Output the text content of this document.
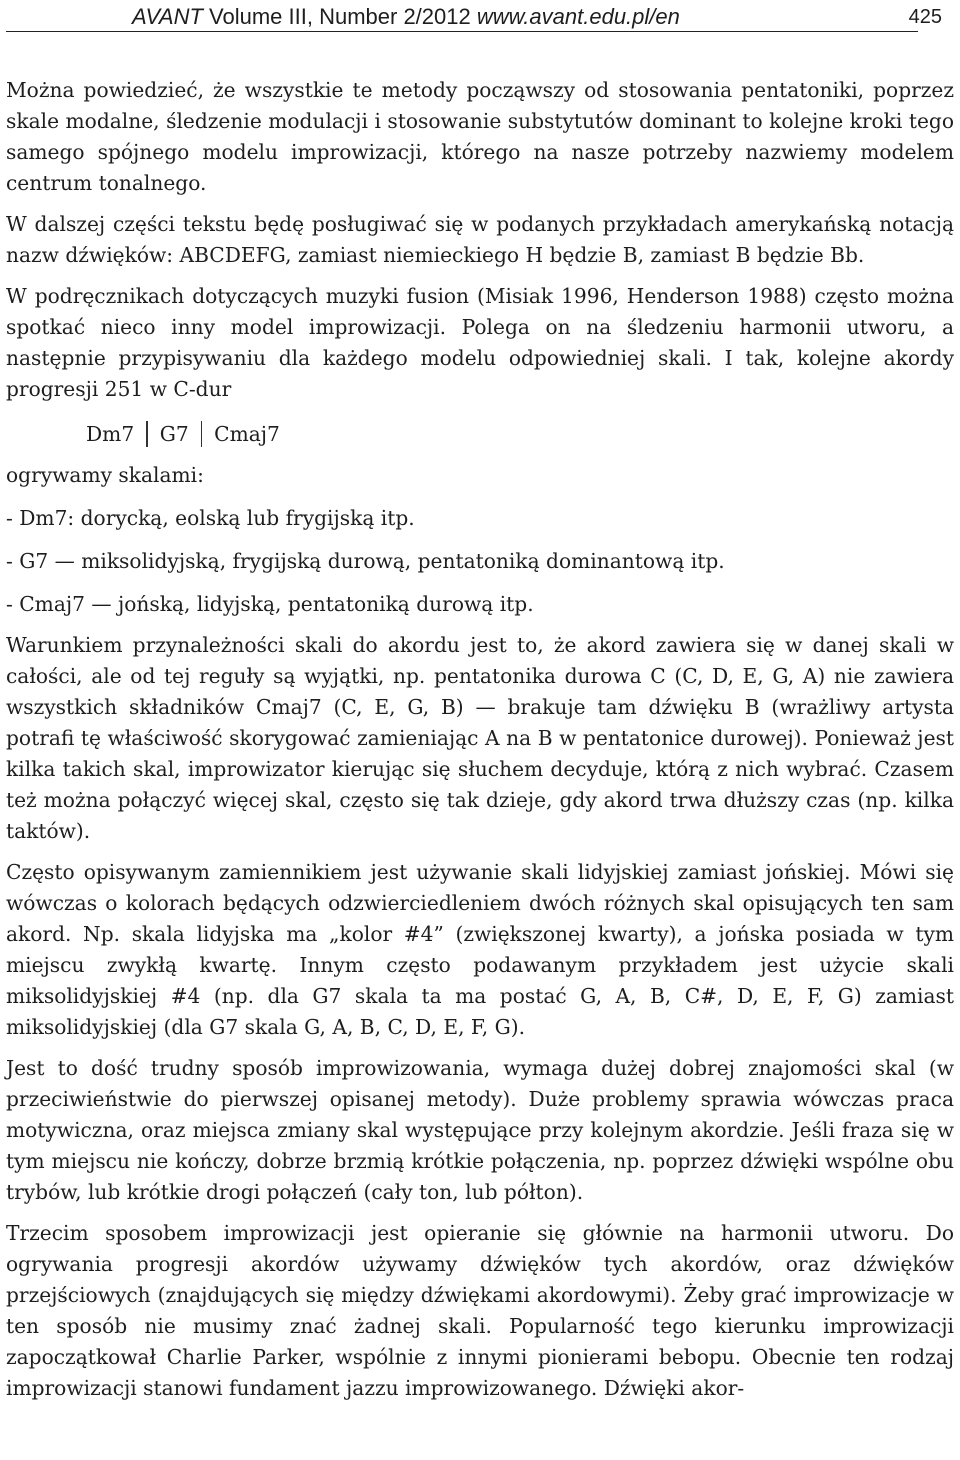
AVANT Volume III, Number 2/2012 www.avant.edu.pl/en	425

Można powiedzieć, że wszystkie te metody począwszy od stosowania pentatoniki, poprzez skale modalne, śledzenie modulacji i stosowanie substytutów dominant to kolejne kroki tego samego spójnego modelu improwizacji, którego na nasze potrzeby nazwiemy modelem centrum tonalnego.

W dalszej części tekstu będę posługiwać się w podanych przykładach amerykańską notacją nazw dźwięków: ABCDEFG, zamiast niemieckiego H będzie B, zamiast B będzie Bb.

W podręcznikach dotyczących muzyki fusion (Misiak 1996, Henderson 1988) często można spotkać nieco inny model improwizacji. Polega on na śledzeniu harmonii utworu, a następnie przypisywaniu dla każdego modelu odpowiedniej skali. I tak, kolejne akordy progresji 251 w C-dur

Dm7 G7 Cmaj7

ogrywamy skalami:

- Dm7: dorycką, eolską lub frygijską itp.

- G7 — miksolidyjską, frygijską durową, pentatoniką dominantową itp.

- Cmaj7 — jońską, lidyjską, pentatoniką durową itp.

Warunkiem przynależności skali do akordu jest to, że akord zawiera się w danej skali w całości, ale od tej reguły są wyjątki, np. pentatonika durowa C (C, D, E, G, A) nie zawiera wszystkich składników Cmaj7 (C, E, G, B) — brakuje tam dźwięku B (wrażliwy artysta potrafi tę właściwość skorygować zamieniając A na B w pentatonice durowej). Ponieważ jest kilka takich skal, improwizator kierując się słuchem decyduje, którą z nich wybrać. Czasem też można połączyć więcej skal, często się tak dzieje, gdy akord trwa dłuższy czas (np. kilka taktów).

Często opisywanym zamiennikiem jest używanie skali lidyjskiej zamiast jońskiej. Mówi się wówczas o kolorach będących odzwierciedleniem dwóch różnych skal opisujących ten sam akord. Np. skala lidyjska ma „kolor #4” (zwiększonej kwarty), a jońska posiada w tym miejscu zwykłą kwartę. Innym często podawanym przykładem jest użycie skali miksolidyjskiej #4 (np. dla G7 skala ta ma postać G, A, B, C#, D, E, F, G) zamiast miksolidyjskiej (dla G7 skala G, A, B, C, D, E, F, G).

Jest to dość trudny sposób improwizowania, wymaga dużej dobrej znajomości skal (w przeciwieństwie do pierwszej opisanej metody). Duże problemy sprawia wówczas praca motywiczna, oraz miejsca zmiany skal występujące przy kolejnym akordzie. Jeśli fraza się w tym miejscu nie kończy, dobrze brzmią krótkie połączenia, np. poprzez dźwięki wspólne obu trybów, lub krótkie drogi połączeń (cały ton, lub półton).

Trzecim sposobem improwizacji jest opieranie się głównie na harmonii utworu. Do ogrywania progresji akordów używamy dźwięków tych akordów, oraz dźwięków przejściowych (znajdujących się między dźwiękami akordowymi). Żeby grać improwizacje w ten sposób nie musimy znać żadnej skali. Popularność tego kierunku improwizacji zapoczątkował Charlie Parker, wspólnie z innymi pionierami bebopu. Obecnie ten rodzaj improwizacji stanowi fundament jazzu improwizowanego. Dźwięki akor-
